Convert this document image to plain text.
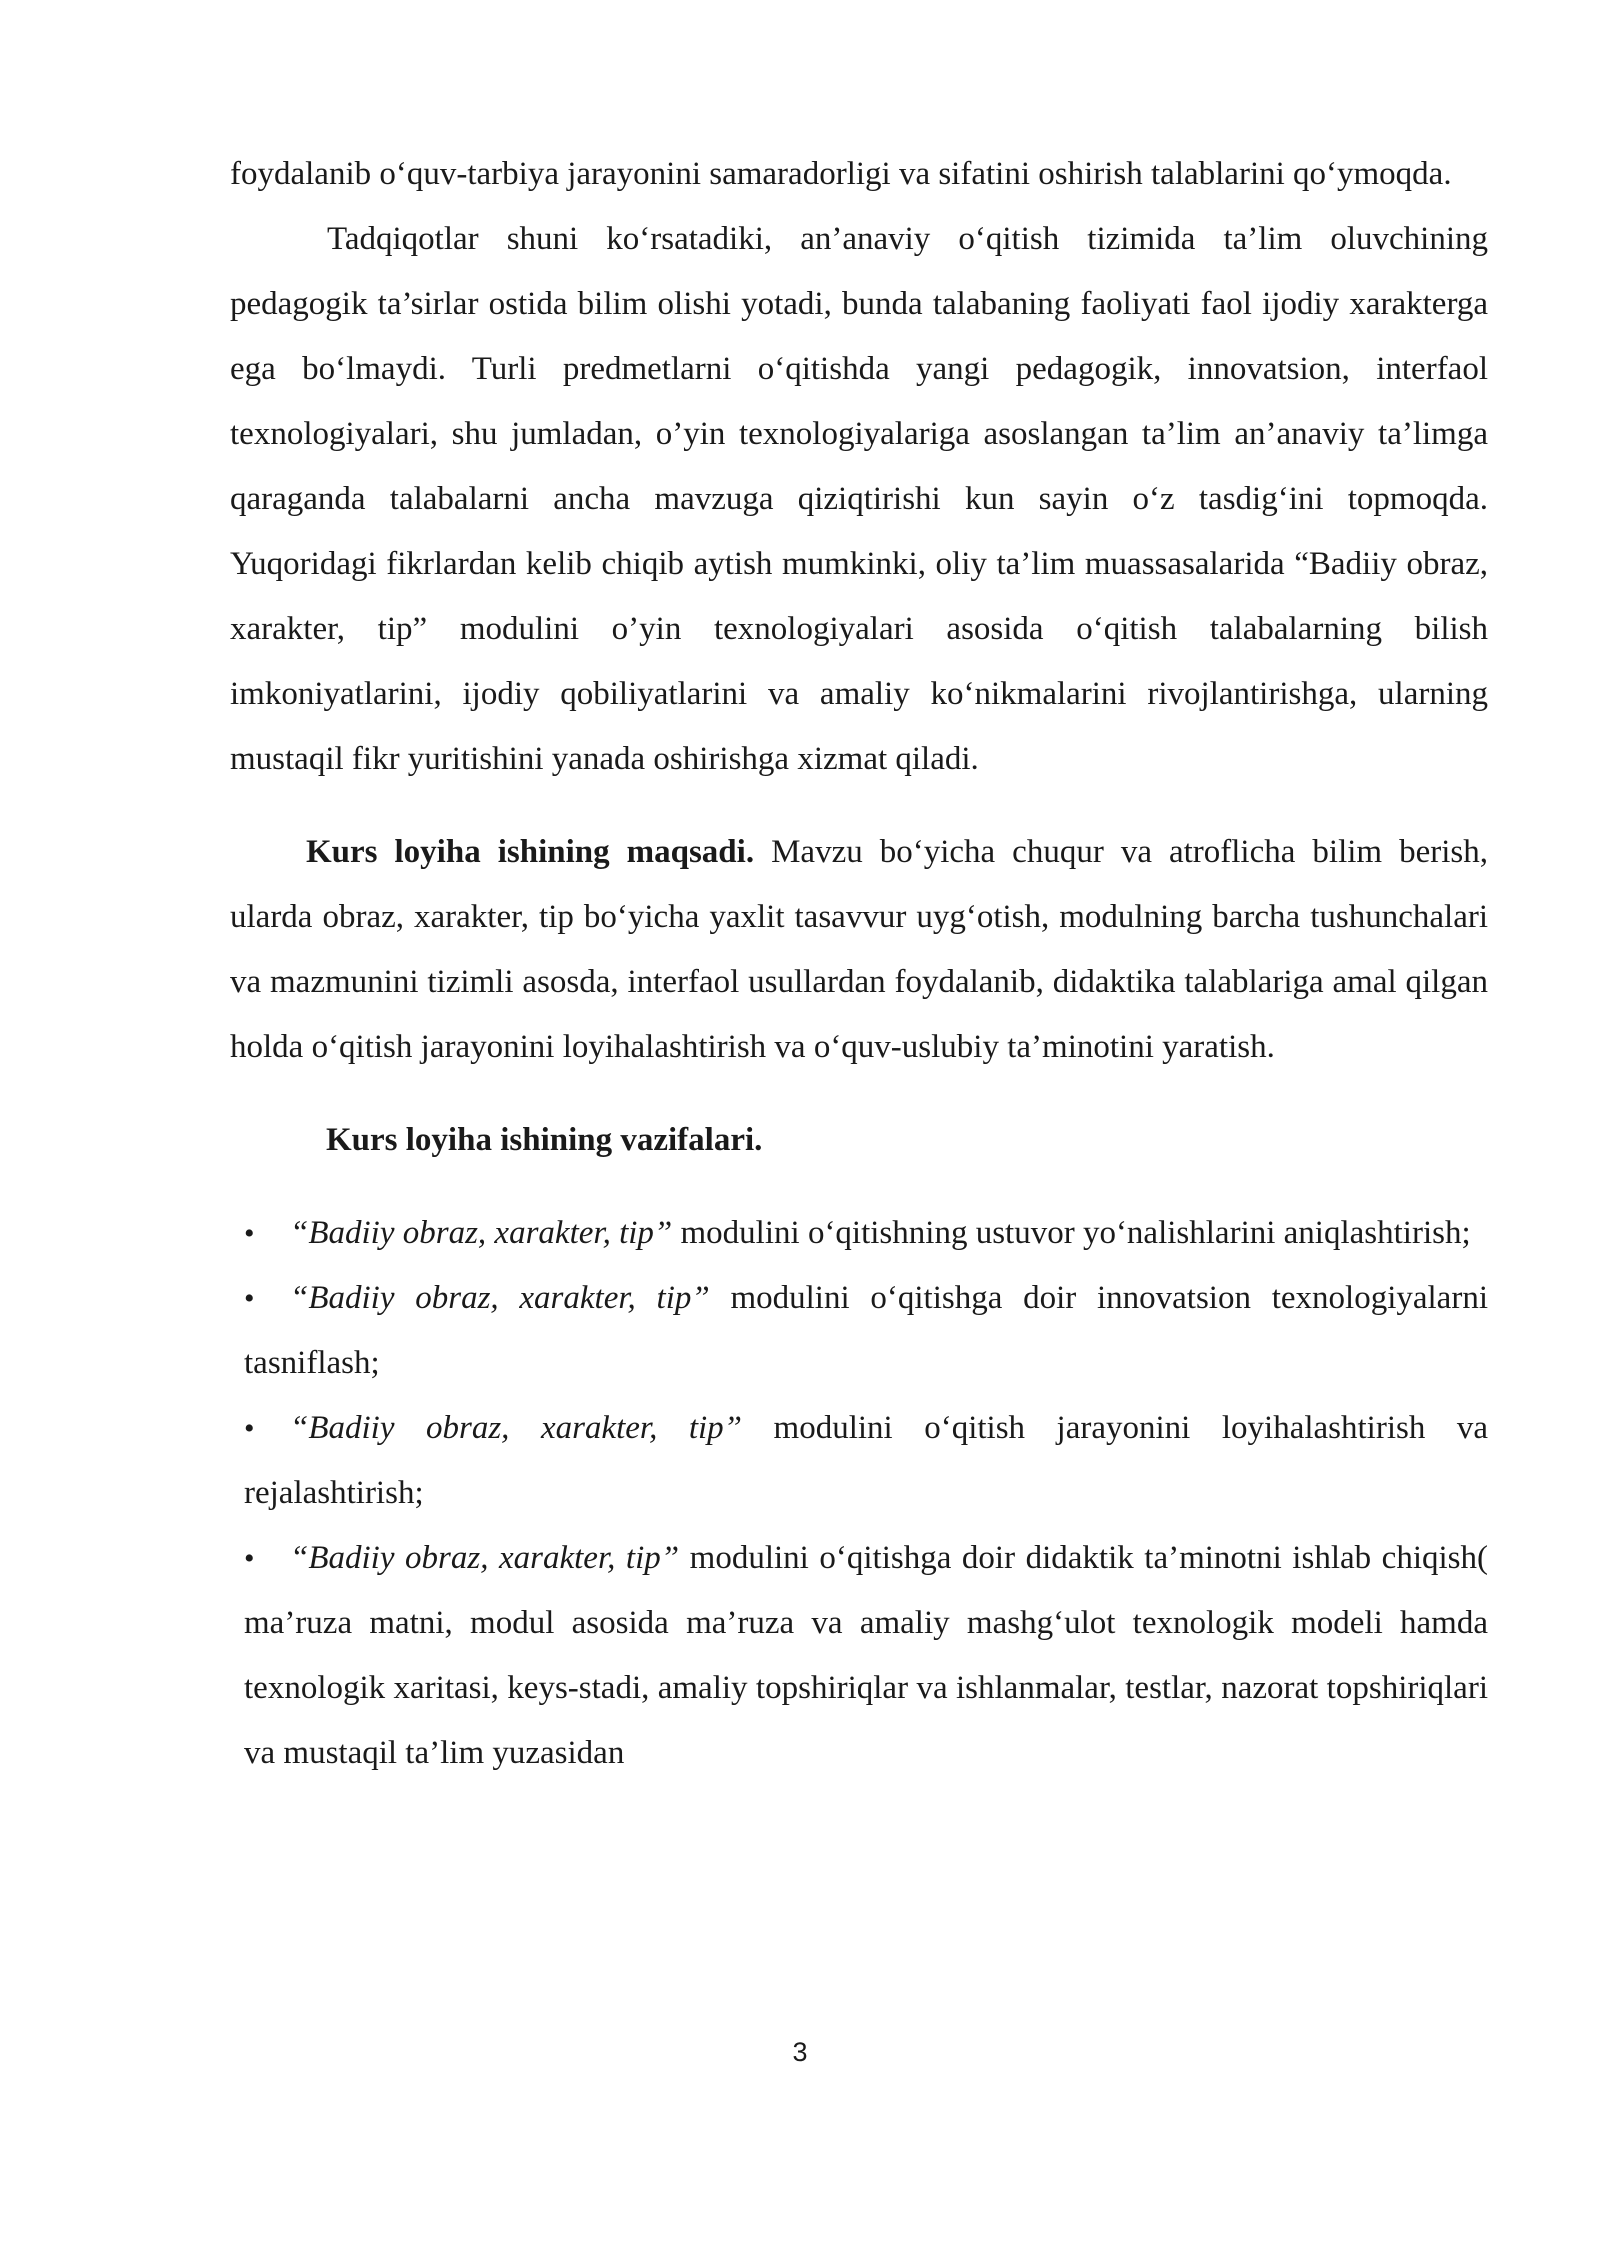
foydalanib o‘quv-tarbiya jarayonini samaradorligi va sifatini oshirish talablarini qo‘ymoqda.

Tadqiqotlar shuni ko‘rsatadiki, an’anaviy o‘qitish tizimida ta’lim oluvchining pedagogik ta’sirlar ostida bilim olishi yotadi, bunda talabaning faoliyati faol ijodiy xarakterga ega bo‘lmaydi. Turli predmetlarni o‘qitishda yangi pedagogik, innovatsion, interfaol texnologiyalari, shu jumladan, o’yin texnologiyalariga asoslangan ta’lim an’anaviy ta’limga qaraganda talabalarni ancha mavzuga qiziqtirishi kun sayin o‘z tasdig‘ini topmoqda. Yuqoridagi fikrlardan kelib chiqib aytish mumkinki, oliy ta’lim muassasalarida “Badiiy obraz, xarakter, tip” modulini o’yin texnologiyalari asosida o‘qitish talabalarning bilish imkoniyatlarini, ijodiy qobiliyatlarini va amaliy ko‘nikmalarini rivojlantirishga, ularning mustaqil fikr yuritishini yanada oshirishga xizmat qiladi.

Kurs loyiha ishining maqsadi. Mavzu bo‘yicha chuqur va atroflicha bilim berish, ularda obraz, xarakter, tip bo‘yicha yaxlit tasavvur uyg‘otish, modulning barcha tushunchalari va mazmunini tizimli asosda, interfaol usullardan foydalanib, didaktika talablariga amal qilgan holda o‘qitish jarayonini loyihalashtirish va o‘quv-uslubiy ta’minotini yaratish.

Kurs loyiha ishining vazifalari.
• “Badiiy obraz, xarakter, tip” modulini o‘qitishning ustuvor yo‘nalishlarini aniqlashtirish;
• “Badiiy obraz, xarakter, tip” modulini o‘qitishga doir innovatsion texnologiyalarni tasniflash;
• “Badiiy obraz, xarakter, tip” modulini o‘qitish jarayonini loyihalashtirish va rejalashtirish;
• “Badiiy obraz, xarakter, tip” modulini o‘qitishga doir didaktik ta’minotni ishlab chiqish( ma’ruza matni, modul asosida ma’ruza va amaliy mashg‘ulot texnologik modeli hamda texnologik xaritasi, keys-stadi, amaliy topshiriqlar va ishlanmalar, testlar, nazorat topshiriqlari va mustaqil ta’lim yuzasidan
3
